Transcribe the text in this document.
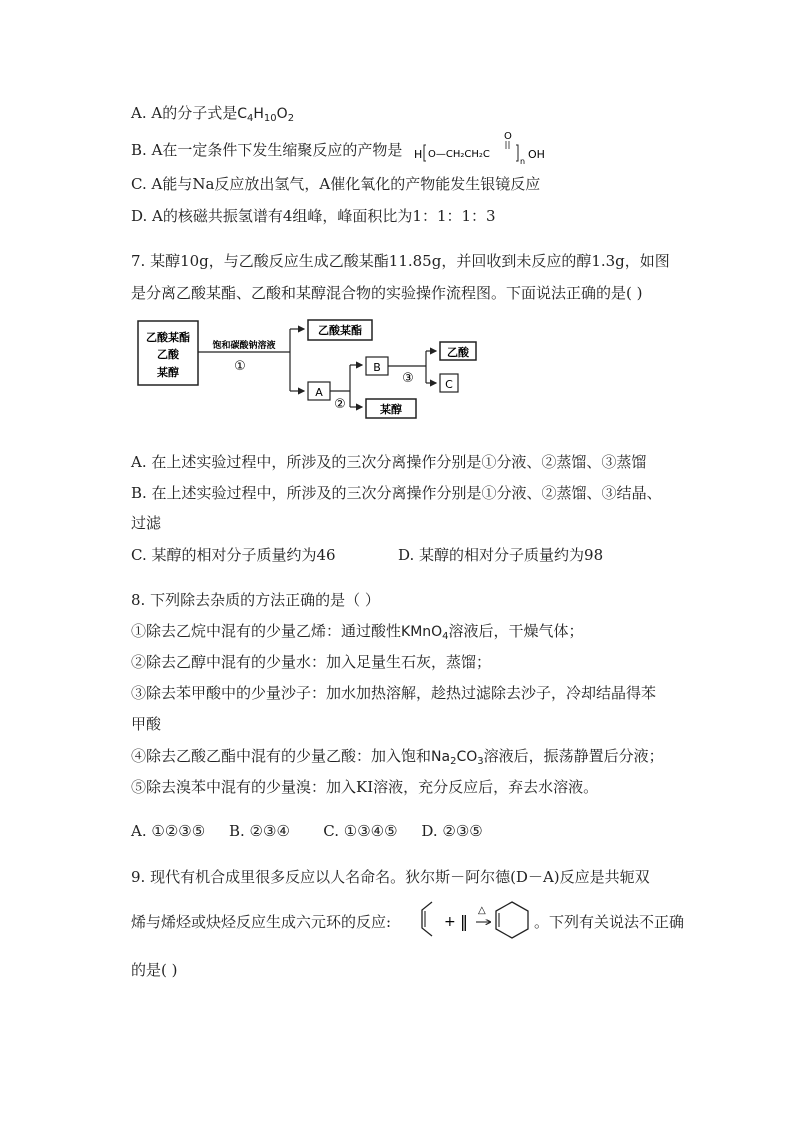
A. A的分子式是$C_4H_{10}O_2$
B. A在一定条件下发生缩聚反应的产物是 H O—CH₂CH₂C
O
n
OH
C. A能与Na反应放出氢气，A催化氧化的产物能发生银镜反应
D. A的核磁共振氢谱有4组峰，峰面积比为1：1：1：3
7. 某醇10g，与乙酸反应生成乙酸某酯11.85g，并回收到未反应的醇1.3g，如图
是分离乙酸某酯、乙酸和某醇混合物的实验操作流程图。下面说法正确的是( )
乙酸某酯
乙酸
某醇
饱和碳酸钠溶液
①
乙酸某酯
A
②
B
某醇
③
乙酸
C
A. 在上述实验过程中，所涉及的三次分离操作分别是①分液、②蒸馏、③蒸馏
B. 在上述实验过程中，所涉及的三次分离操作分别是①分液、②蒸馏、③结晶、
过滤
C. 某醇的相对分子质量约为46	D. 某醇的相对分子质量约为98
8. 下列除去杂质的方法正确的是（ ）
①除去乙烷中混有的少量乙烯：通过酸性KMnO$_4$溶液后，干燥气体；
②除去乙醇中混有的少量水：加入足量生石灰，蒸馏；
③除去苯甲酸中的少量沙子：加水加热溶解，趁热过滤除去沙子，冷却结晶得苯
甲酸
④除去乙酸乙酯中混有的少量乙酸：加入饱和$Na_2CO_3$溶液后，振荡静置后分液；
⑤除去溴苯中混有的少量溴：加入KI溶液，充分反应后，弃去水溶液。
A. ①②③⑤     B. ②③④       C. ①③④⑤     D. ②③⑤
9. 现代有机合成里很多反应以人名命名。狄尔斯－阿尔德(D－A)反应是共轭双
烯与烯烃或炔烃反应生成六元环的反应:	+ ‖
△
。下列有关说法不正确
的是( )
